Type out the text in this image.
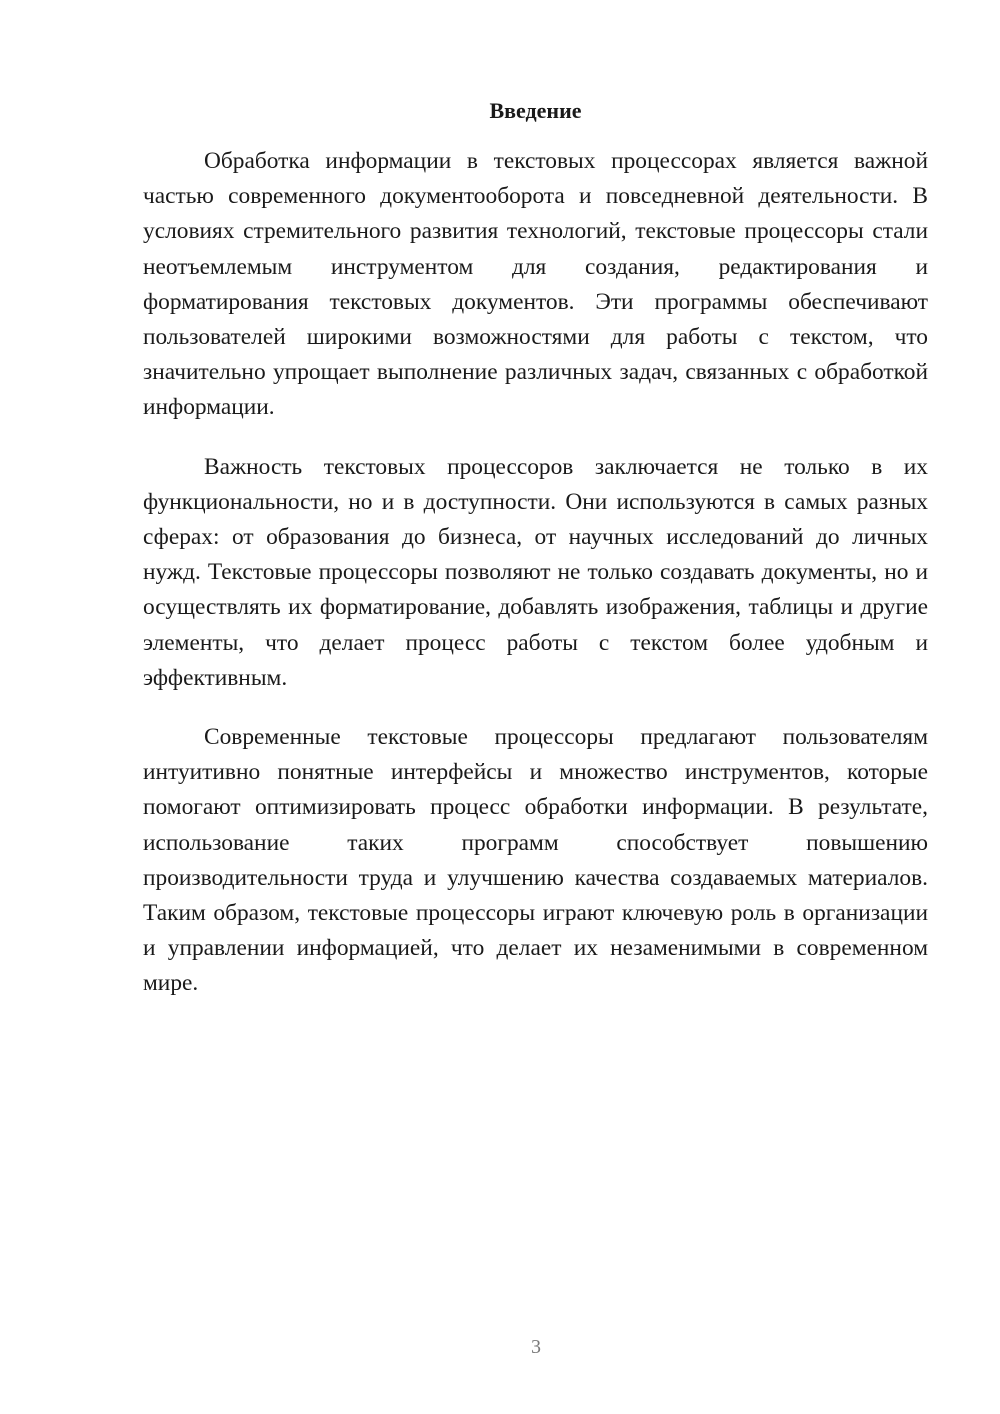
Введение

Обработка информации в текстовых процессорах является важной частью современного документооборота и повседневной деятельности. В условиях стремительного развития технологий, текстовые процессоры стали неотъемлемым инструментом для создания, редактирования и форматирования текстовых документов. Эти программы обеспечивают пользователей широкими возможностями для работы с текстом, что значительно упрощает выполнение различных задач, связанных с обработкой информации.

Важность текстовых процессоров заключается не только в их функциональности, но и в доступности. Они используются в самых разных сферах: от образования до бизнеса, от научных исследований до личных нужд. Текстовые процессоры позволяют не только создавать документы, но и осуществлять их форматирование, добавлять изображения, таблицы и другие элементы, что делает процесс работы с текстом более удобным и эффективным.

Современные текстовые процессоры предлагают пользователям интуитивно понятные интерфейсы и множество инструментов, которые помогают оптимизировать процесс обработки информации. В результате, использование таких программ способствует повышению производительности труда и улучшению качества создаваемых материалов. Таким образом, текстовые процессоры играют ключевую роль в организации и управлении информацией, что делает их незаменимыми в современном мире.

3
